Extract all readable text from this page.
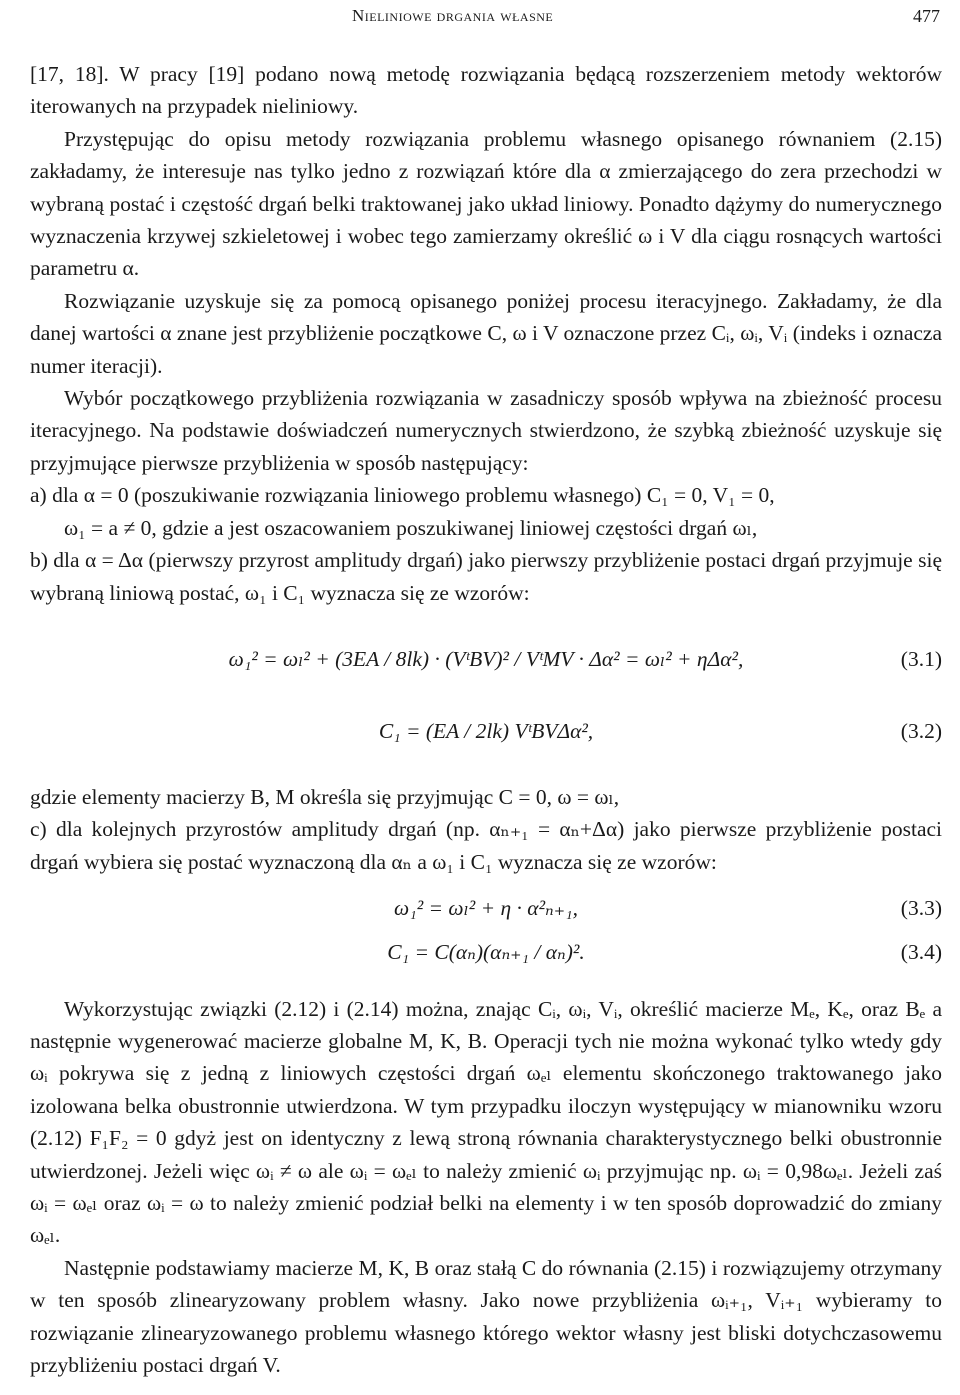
Nieliniowe drgania własne	477

[17, 18]. W pracy [19] podano nową metodę rozwiązania będącą rozszerzeniem metody wektorów iterowanych na przypadek nieliniowy.

Przystępując do opisu metody rozwiązania problemu własnego opisanego równaniem (2.15) zakładamy, że interesuje nas tylko jedno z rozwiązań które dla α zmierzającego do zera przechodzi w wybraną postać i częstość drgań belki traktowanej jako układ liniowy. Ponadto dążymy do numerycznego wyznaczenia krzywej szkieletowej i wobec tego zamierzamy określić ω i V dla ciągu rosnących wartości parametru α.

Rozwiązanie uzyskuje się za pomocą opisanego poniżej procesu iteracyjnego. Zakładamy, że dla danej wartości α znane jest przybliżenie początkowe C, ω i V oznaczone przez Cᵢ, ωᵢ, Vᵢ (indeks i oznacza numer iteracji).

Wybór początkowego przybliżenia rozwiązania w zasadniczy sposób wpływa na zbieżność procesu iteracyjnego. Na podstawie doświadczeń numerycznych stwierdzono, że szybką zbieżność uzyskuje się przyjmujące pierwsze przybliżenia w sposób następujący:

a) dla α = 0 (poszukiwanie rozwiązania liniowego problemu własnego) C₁ = 0, V₁ = 0,

ω₁ = a ≠ 0, gdzie a jest oszacowaniem poszukiwanej liniowej częstości drgań ωₗ,

b) dla α = Δα (pierwszy przyrost amplitudy drgań) jako pierwszy przybliżenie postaci drgań przyjmuje się wybraną liniową postać, ω₁ i C₁ wyznacza się ze wzorów:

ω₁² = ωₗ² + (3EA / 8lk) · (VᵗBV)² / VᵗMV · Δα² = ωₗ² + ηΔα²,	(3.1)
C₁ = (EA / 2lk) VᵗBVΔα²,	(3.2)

gdzie elementy macierzy B, M określa się przyjmując C = 0, ω = ωₗ,

c) dla kolejnych przyrostów amplitudy drgań (np. αₙ₊₁ = αₙ+Δα) jako pierwsze przybliżenie postaci drgań wybiera się postać wyznaczoną dla αₙ a ω₁ i C₁ wyznacza się ze wzorów:

ω₁² = ωₗ² + η · α²ₙ₊₁,	(3.3)
C₁ = C(αₙ)(αₙ₊₁ / αₙ)².	(3.4)

Wykorzystując związki (2.12) i (2.14) można, znając Cᵢ, ωᵢ, Vᵢ, określić macierze Mₑ, Kₑ, oraz Bₑ a następnie wygenerować macierze globalne M, K, B. Operacji tych nie można wykonać tylko wtedy gdy ωᵢ pokrywa się z jedną z liniowych częstości drgań ωₑₗ elementu skończonego traktowanego jako izolowana belka obustronnie utwierdzona. W tym przypadku iloczyn występujący w mianowniku wzoru (2.12) F₁F₂ = 0 gdyż jest on identyczny z lewą stroną równania charakterystycznego belki obustronnie utwierdzonej. Jeżeli więc ωᵢ ≠ ω ale ωᵢ = ωₑₗ to należy zmienić ωᵢ przyjmując np. ωᵢ = 0,98ωₑₗ. Jeżeli zaś ωᵢ = ωₑₗ oraz ωᵢ = ω to należy zmienić podział belki na elementy i w ten sposób doprowadzić do zmiany ωₑₗ.

Następnie podstawiamy macierze M, K, B oraz stałą C do równania (2.15) i rozwiązujemy otrzymany w ten sposób zlinearyzowany problem własny. Jako nowe przybliżenia ωᵢ₊₁, Vᵢ₊₁ wybieramy to rozwiązanie zlinearyzowanego problemu własnego którego wektor własny jest bliski dotychczasowemu przybliżeniu postaci drgań V.
